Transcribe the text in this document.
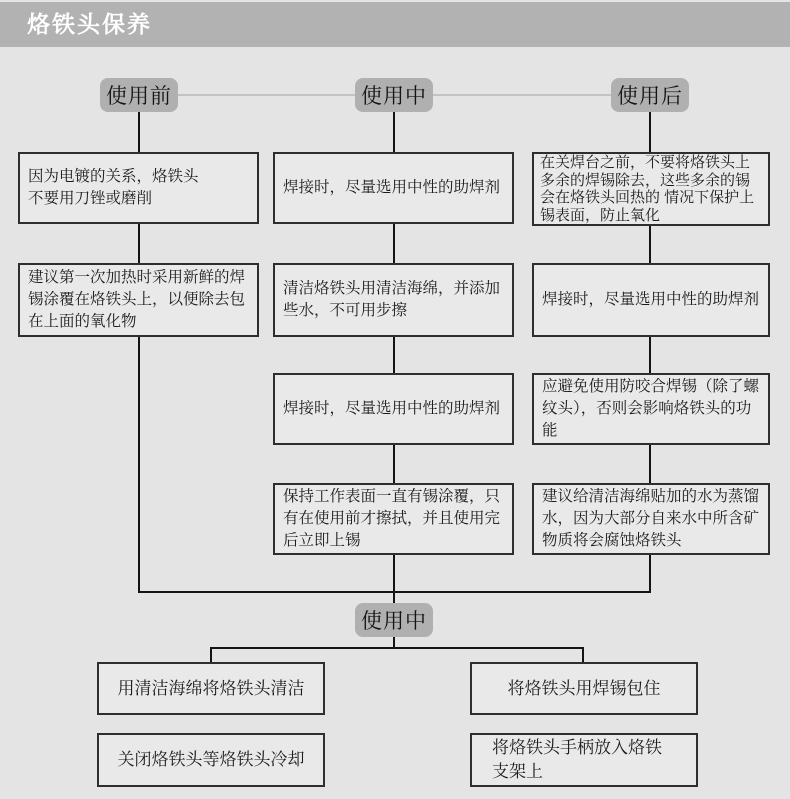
烙铁头保养
使用前	使用中	使用后
因为电镀的关系，烙铁头
不要用刀锉或磨削
建议第一次加热时采用新鲜的焊
锡涂覆在烙铁头上，以便除去包
在上面的氧化物
焊接时，尽量选用中性的助焊剂
清洁烙铁头用清洁海绵，并添加
些水，不可用步擦
焊接时，尽量选用中性的助焊剂
保持工作表面一直有锡涂覆，只
有在使用前才擦拭，并且使用完
后立即上锡
在关焊台之前，不要将烙铁头上
多余的焊锡除去，这些多余的锡
会在烙铁头回热的 情况下保护上
锡表面，防止氧化
焊接时，尽量选用中性的助焊剂
应避免使用防咬合焊锡（除了螺
纹头），否则会影响烙铁头的功
能
建议给清洁海绵贴加的水为蒸馏
水，因为大部分自来水中所含矿
物质将会腐蚀烙铁头
使用中
用清洁海绵将烙铁头清洁
关闭烙铁头等烙铁头冷却
将烙铁头用焊锡包住
将烙铁头手柄放入烙铁
支架上
